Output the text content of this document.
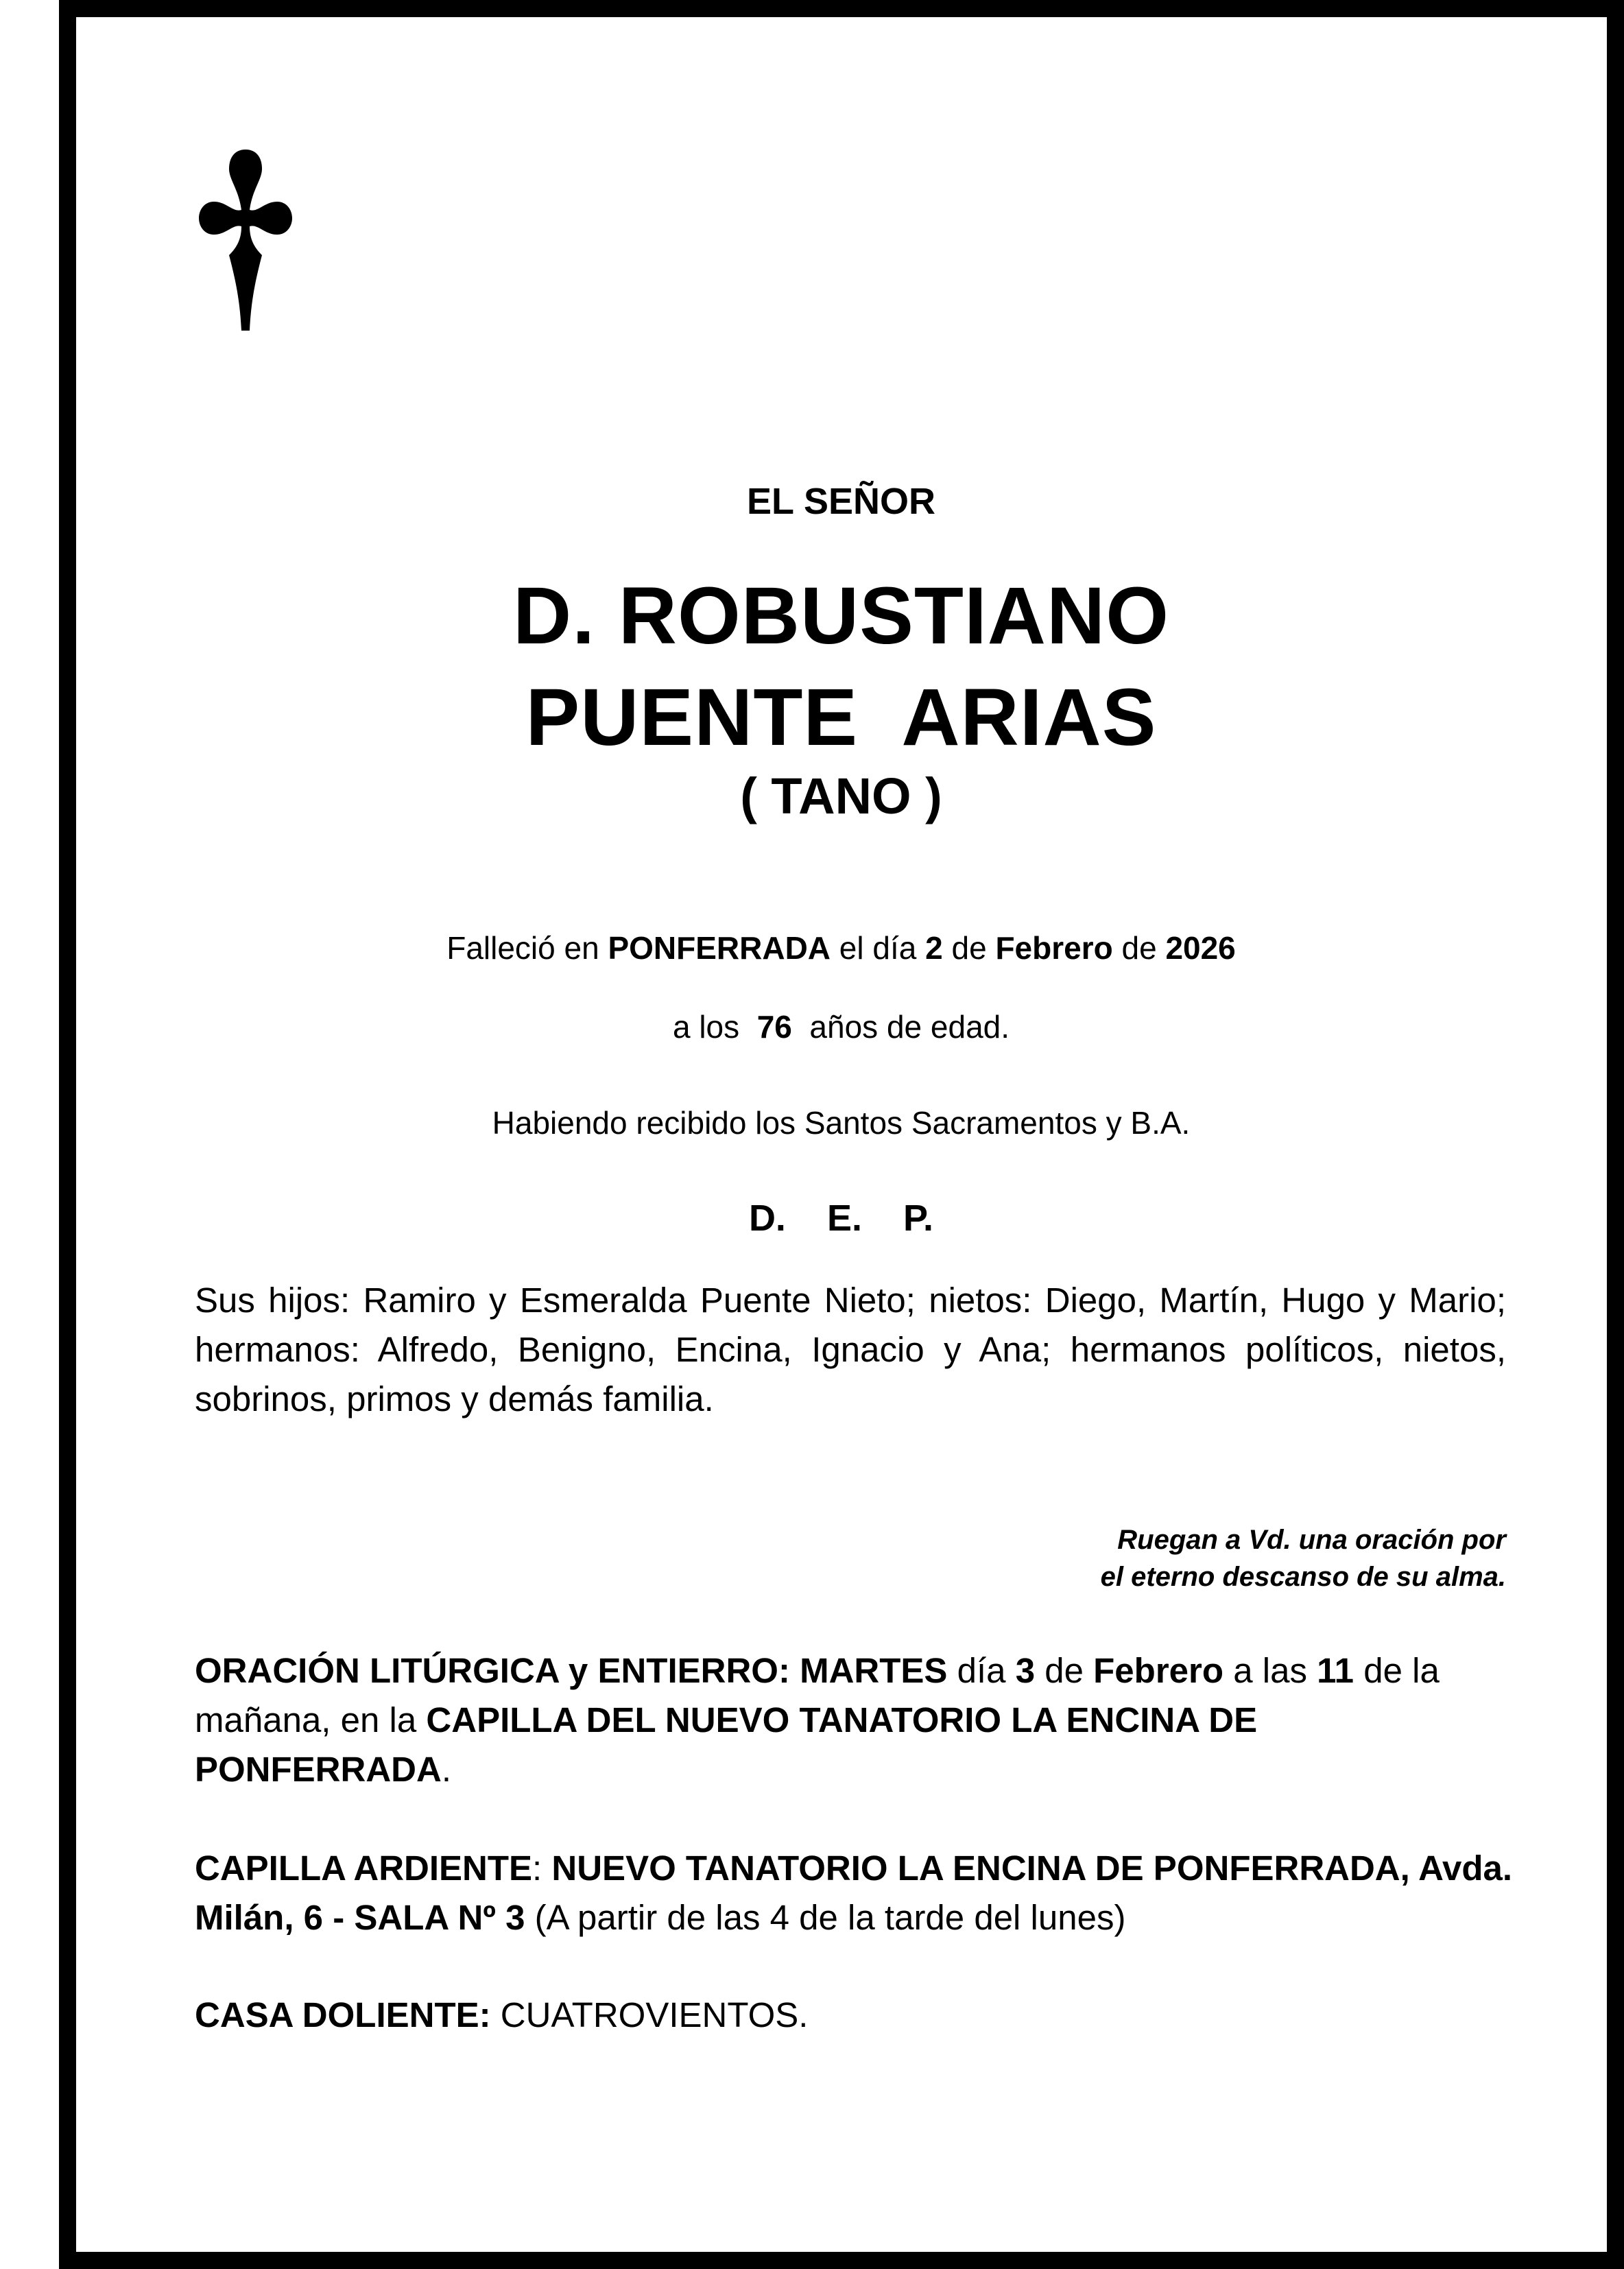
EL SEÑOR
D. ROBUSTIANO
PUENTE  ARIAS
( TANO )
Falleció en PONFERRADA el día 2 de Febrero de 2026
a los  76  años de edad.
Habiendo recibido los Santos Sacramentos y B.A.
D.    E.    P.
Sus hijos: Ramiro y Esmeralda Puente Nieto; nietos: Diego, Martín, Hugo y Mario; hermanos: Alfredo, Benigno, Encina, Ignacio y Ana; hermanos políticos, nietos, sobrinos, primos y demás familia.
Ruegan a Vd. una oración por
el eterno descanso de su alma.
ORACIÓN LITÚRGICA y ENTIERRO: MARTES día 3 de Febrero a las 11 de la mañana, en la CAPILLA DEL NUEVO TANATORIO LA ENCINA DE PONFERRADA.
CAPILLA ARDIENTE: NUEVO TANATORIO LA ENCINA DE PONFERRADA, Avda. Milán, 6 - SALA Nº 3 (A partir de las 4 de la tarde del lunes)
CASA DOLIENTE: CUATROVIENTOS.
